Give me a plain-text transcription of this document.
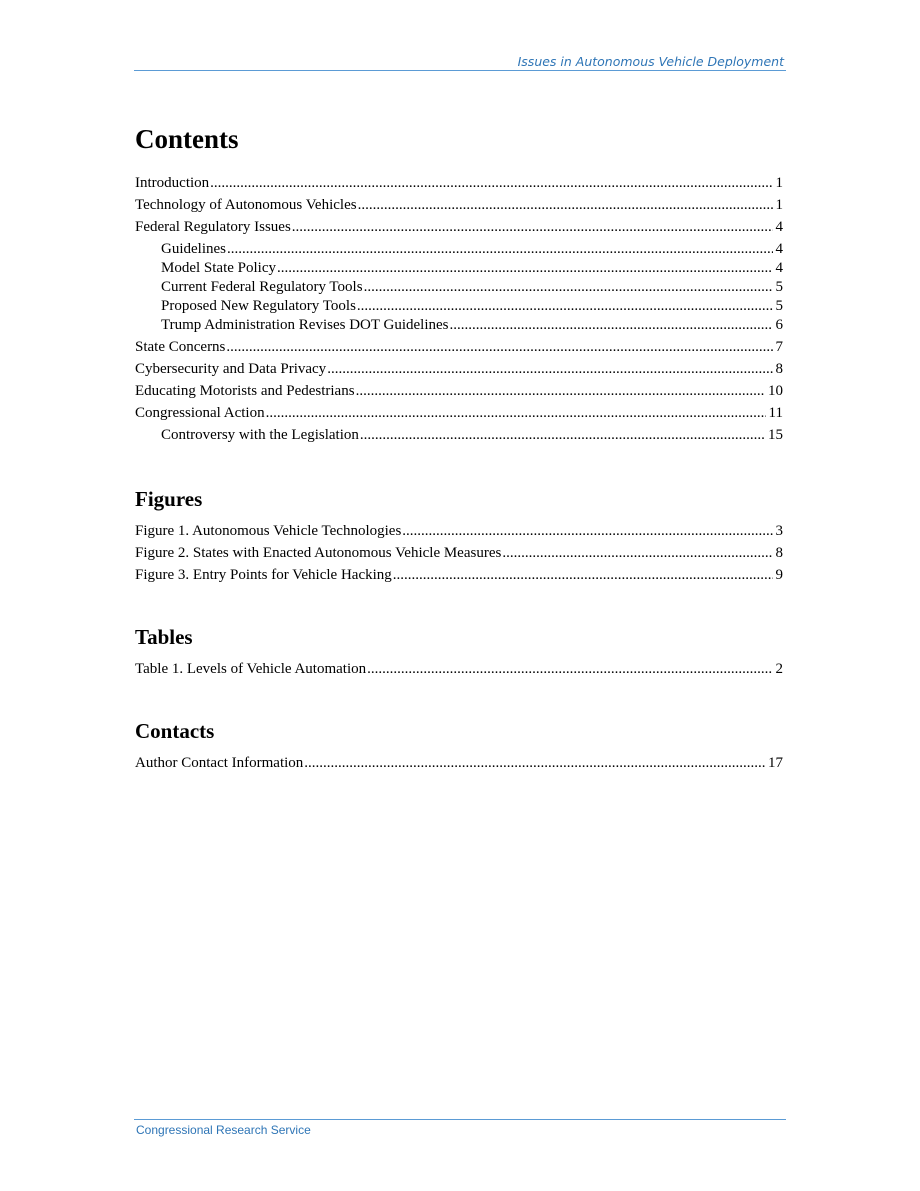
Issues in Autonomous Vehicle Deployment
Contents
Introduction .....	1
Technology of Autonomous Vehicles .....	1
Federal Regulatory Issues .....	4
Guidelines .....	4
Model State Policy .....	4
Current Federal Regulatory Tools .....	5
Proposed New Regulatory Tools .....	5
Trump Administration Revises DOT Guidelines .....	6
State Concerns .....	7
Cybersecurity and Data Privacy .....	8
Educating Motorists and Pedestrians .....	10
Congressional Action .....	11
Controversy with the Legislation .....	15
Figures
Figure 1. Autonomous Vehicle Technologies .....	3
Figure 2. States with Enacted Autonomous Vehicle Measures .....	8
Figure 3. Entry Points for Vehicle Hacking .....	9
Tables
Table 1. Levels of Vehicle Automation .....	2
Contacts
Author Contact Information .....	17
Congressional Research Service
